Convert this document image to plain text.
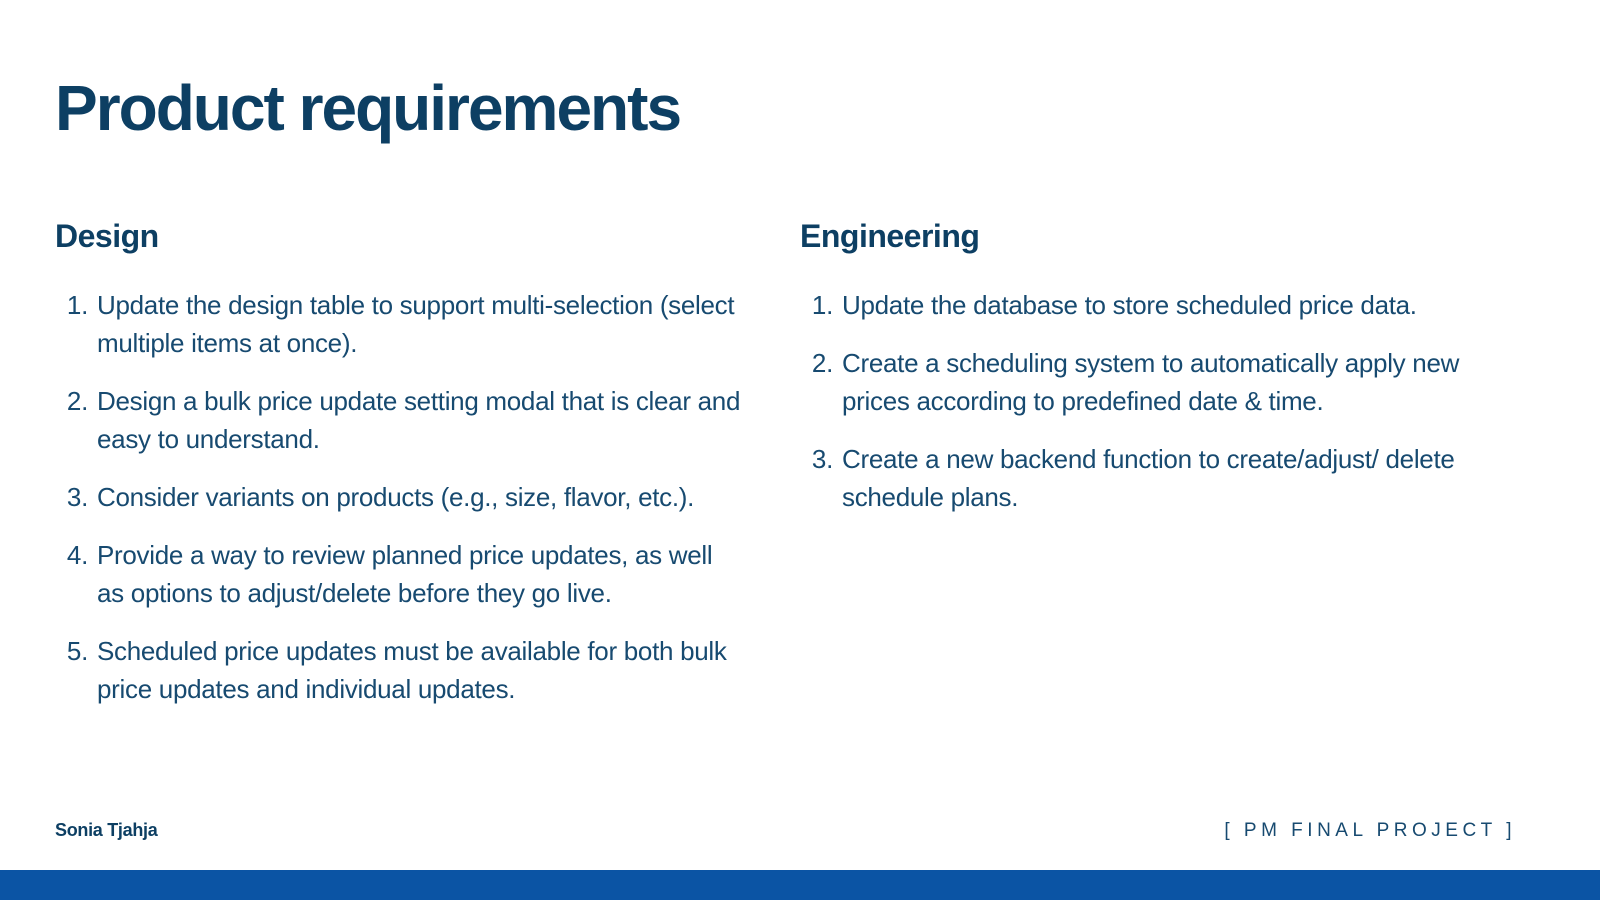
Product requirements
Design
1. Update the design table to support multi-selection (select multiple items at once).
2. Design a bulk price update setting modal that is clear and easy to understand.
3. Consider variants on products (e.g., size, flavor, etc.).
4. Provide a way to review planned price updates, as well as options to adjust/delete before they go live.
5. Scheduled price updates must be available for both bulk price updates and individual updates.
Engineering
1. Update the database to store scheduled price data.
2. Create a scheduling system to automatically apply new prices according to predefined date & time.
3. Create a new backend function to create/adjust/ delete schedule plans.
Sonia Tjahja	[ PM FINAL PROJECT ]
